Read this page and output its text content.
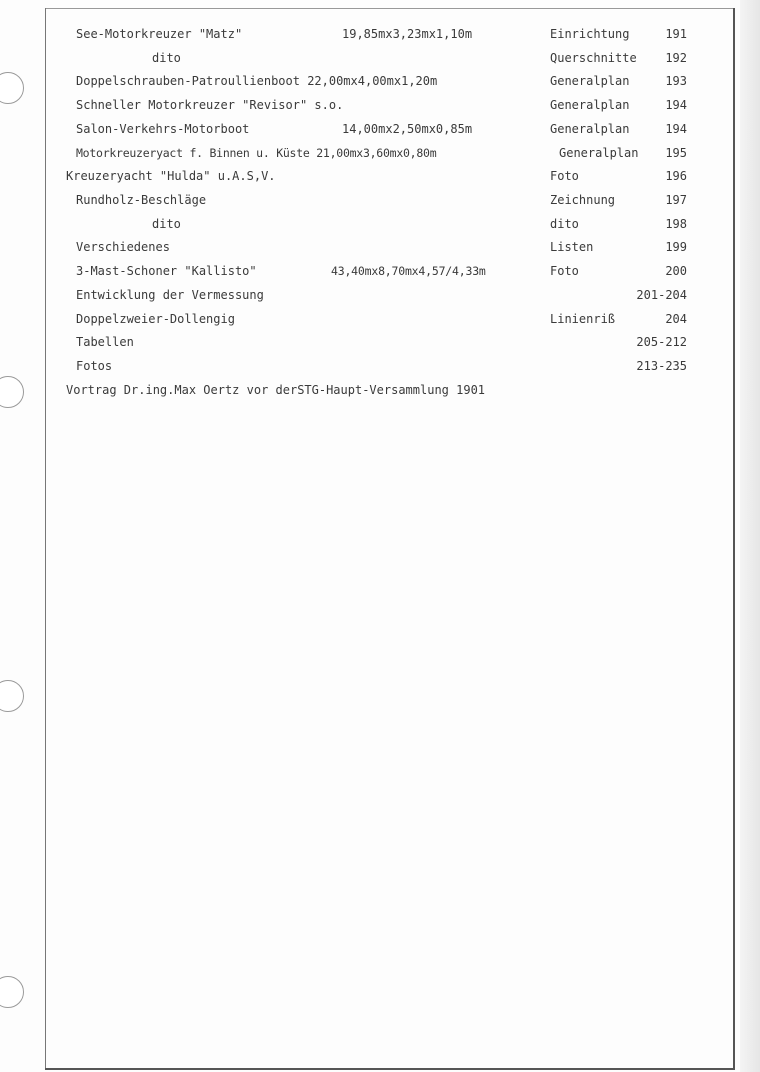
See-Motorkreuzer "Matz"	19,85mx3,23mx1,10m	Einrichtung	191
dito	Querschnitte	192
Doppelschrauben-Patroullienboot 22,00mx4,00mx1,20m	Generalplan	193
Schneller Motorkreuzer "Revisor" s.o.	Generalplan	194
Salon-Verkehrs-Motorboot	14,00mx2,50mx0,85m	Generalplan	194
Motorkreuzeryact f. Binnen u. Küste 21,00mx3,60mx0,80m	Generalplan	195
Kreuzeryacht "Hulda" u.A.S,V.	Foto	196
Rundholz-Beschläge	Zeichnung	197
dito	dito	198
Verschiedenes	Listen	199
3-Mast-Schoner "Kallisto"	43,40mx8,70mx4,57/4,33m	Foto	200
Entwicklung der Vermessung	201-204
Doppelzweier-Dollengig	Linienriß	204
Tabellen	205-212
Fotos	213-235
Vortrag Dr.ing.Max Oertz vor derSTG-Haupt-Versammlung 1901
